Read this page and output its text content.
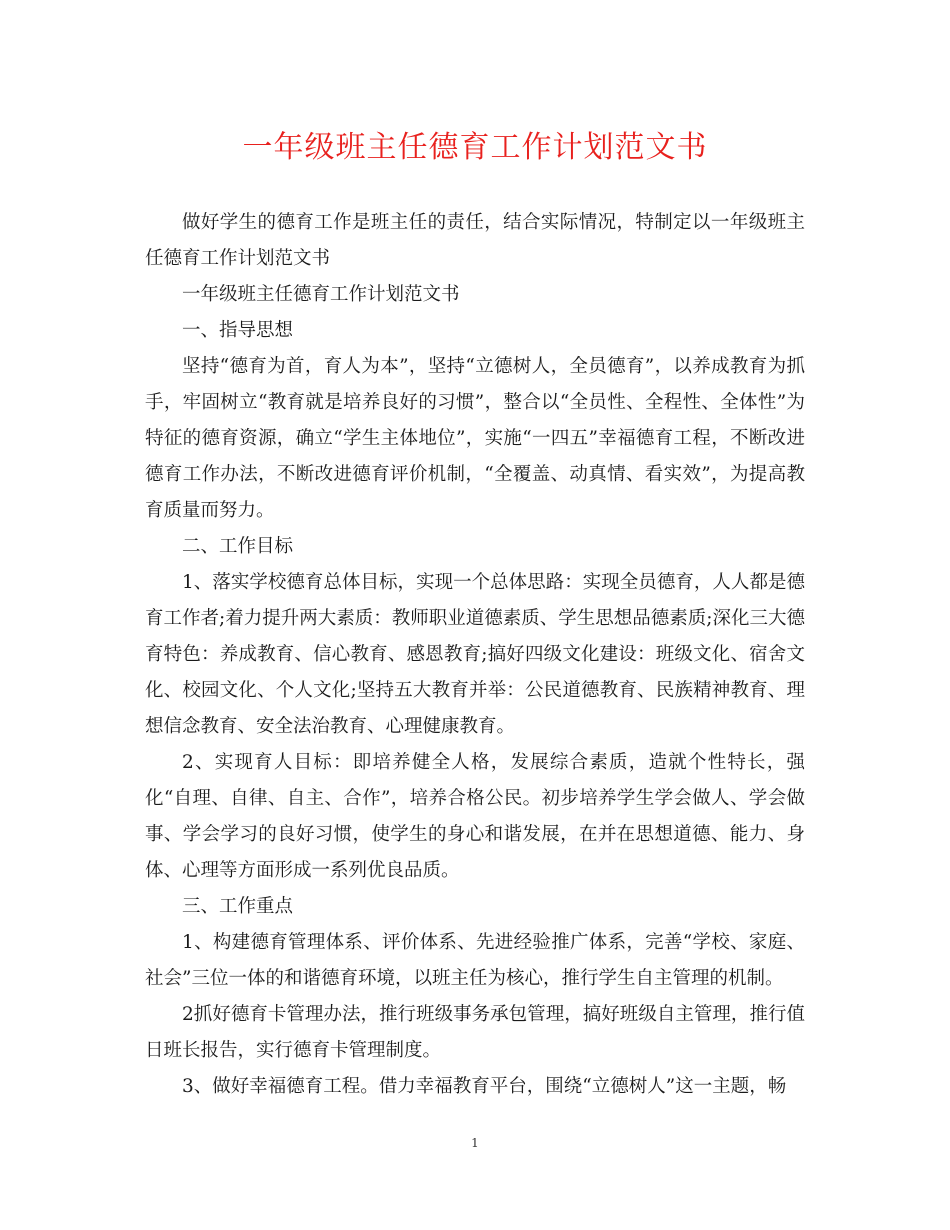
一年级班主任德育工作计划范文书

做好学生的德育工作是班主任的责任，结合实际情况，特制定以一年级班主任德育工作计划范文书

一年级班主任德育工作计划范文书

一、指导思想

坚持“德育为首，育人为本”，坚持“立德树人，全员德育”，以养成教育为抓手，牢固树立“教育就是培养良好的习惯”，整合以“全员性、全程性、全体性”为特征的德育资源，确立“学生主体地位”，实施“一四五”幸福德育工程，不断改进德育工作办法，不断改进德育评价机制，“全覆盖、动真情、看实效”，为提高教育质量而努力。

二、工作目标

1、落实学校德育总体目标，实现一个总体思路：实现全员德育，人人都是德育工作者;着力提升两大素质：教师职业道德素质、学生思想品德素质;深化三大德育特色：养成教育、信心教育、感恩教育;搞好四级文化建设：班级文化、宿舍文化、校园文化、个人文化;坚持五大教育并举：公民道德教育、民族精神教育、理想信念教育、安全法治教育、心理健康教育。

2、实现育人目标：即培养健全人格，发展综合素质，造就个性特长，强化“自理、自律、自主、合作”，培养合格公民。初步培养学生学会做人、学会做事、学会学习的良好习惯，使学生的身心和谐发展，在并在思想道德、能力、身体、心理等方面形成一系列优良品质。

三、工作重点

1、构建德育管理体系、评价体系、先进经验推广体系，完善“学校、家庭、社会”三位一体的和谐德育环境，以班主任为核心，推行学生自主管理的机制。

2抓好德育卡管理办法，推行班级事务承包管理，搞好班级自主管理，推行值日班长报告，实行德育卡管理制度。

3、做好幸福德育工程。借力幸福教育平台，围绕“立德树人”这一主题，畅

1
